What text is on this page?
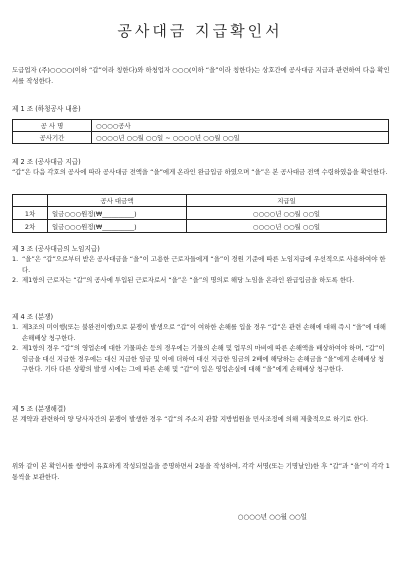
공사대금 지급확인서
도급업자 (주)○○○○(이하 “갑”이라 칭한다)와 하청업자 ○○○(이하 “을”이라 칭한다)는 상호간에 공사대금 지급과 관련하여 다음 확인서를 작성한다.
제 1 조 (하청공사 내용)
공 사 명	○○○○공사
공사기간	○○○○년 ○○월 ○○일 ~ ○○○○년 ○○월 ○○일
제 2 조 (공사대금 지급)
“갑”은 다음 각호의 공사에 따라 공사대금 전액을 “을”에게 온라인 완급입금 하였으며 “을”은 본 공사대금 전액 수령하였음을 확인한다.
	공사 대금액	지급일
1차	일금○○○원정(₩__________)	○○○○년 ○○월 ○○일
2차	일금○○○원정(₩__________)	○○○○년 ○○월 ○○일
제 3 조 (공사대금의 노임지급)
1. “을”은 “갑”으로부터 받은 공사대금을 “을”이 고용한 근로자들에게 “을”이 경원 기준에 따른 노임지급에 우선적으로 사용하여야 한다.
2. 제1항의 근로자는 “갑”의 공사에 투입된 근로자로서 “을”은 “을”의 명의로 해당 노임을 온라인 완급입금을 하도록 한다.
제 4 조 (분쟁)
1. 제3조의 미이행(또는 불완전이행)으로 분쟁이 발생으로 “갑”이 여하한 손해를 입을 경우 “갑”은 관련 손해에 대해 즉시 “을”에 대해 손해배상 청구한다.
2. 제1항의 경우 “갑”의 영업손에 대한 기물파손 등의 경우에는 기물의 손해 및 업무의 마비에 따른 손해액을 배상하여야 하며, “갑”이 임금을 대신 지급한 경우에는 대신 지급한 임금 및 이에 더하여 대신 지급한 임금의 2배에 해당하는 손해금을 “을”에게 손해배상 청구한다. 기타 다른 상황의 발생 시에는 그에 따른 손해 및 “갑”이 입은 영업손실에 대해 “을”에게 손해배상 청구한다.
제 5 조 (분쟁해결)
본 계약과 관련하여 양 당사자간의 분쟁이 발생한 경우 “갑”의 주소지 관할 지방법원을 민사조정에 의해 제출적으로 하기로 한다.
위와 같이 본 확인서를 쌍방이 유효하게 작성되었음을 증명하면서 2통을 작성하여, 각각 서명(또는 기명날인)한 후 “갑”과 “을”이 각각 1통씩을 보관한다.
○○○○년 ○○월 ○○일
